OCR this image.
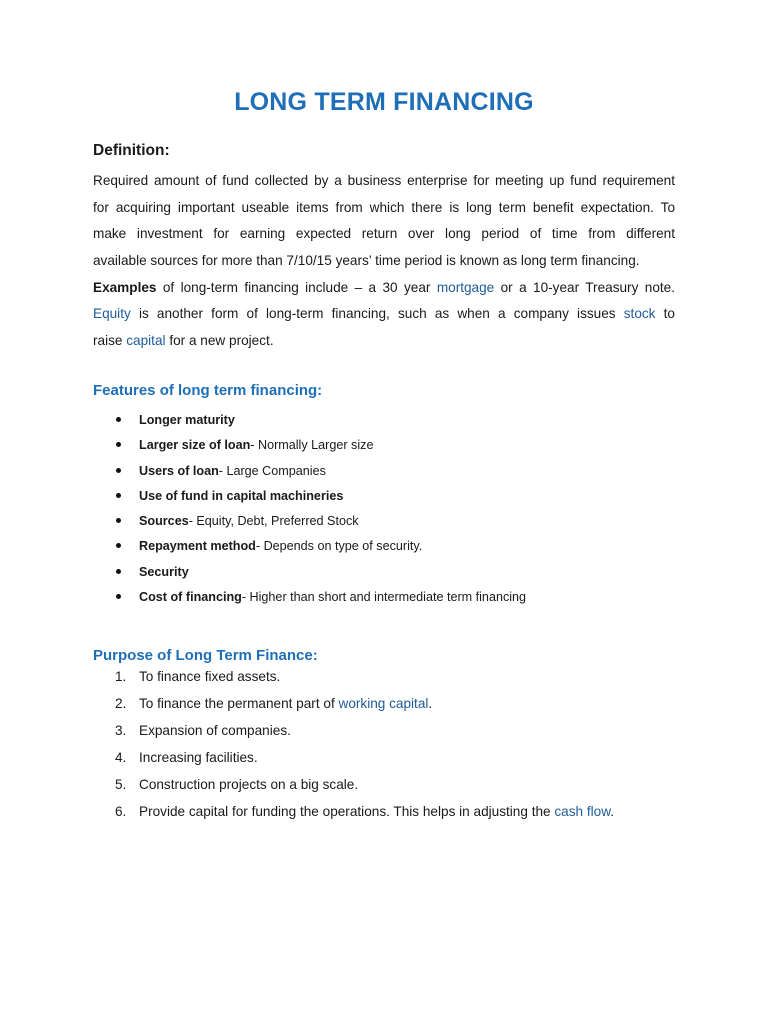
LONG TERM FINANCING
Definition:
Required amount of fund collected by a business enterprise for meeting up fund requirement
for acquiring important useable items from which there is long term benefit expectation. To
make investment for earning expected return over long period of time from different
available sources for more than 7/10/15 years’ time period is known as long term financing.
Examples of long-term financing include – a 30 year mortgage or a 10-year Treasury note.
Equity is another form of long-term financing, such as when a company issues stock to
raise capital for a new project.
Features of long term financing:
Longer maturity
Larger size of loan- Normally Larger size
Users of loan- Large Companies
Use of fund in capital machineries
Sources- Equity, Debt, Preferred Stock
Repayment method- Depends on type of security.
Security
Cost of financing- Higher than short and intermediate term financing
Purpose of Long Term Finance:
1. To finance fixed assets.
2. To finance the permanent part of working capital.
3. Expansion of companies.
4. Increasing facilities.
5. Construction projects on a big scale.
6. Provide capital for funding the operations. This helps in adjusting the cash flow.
